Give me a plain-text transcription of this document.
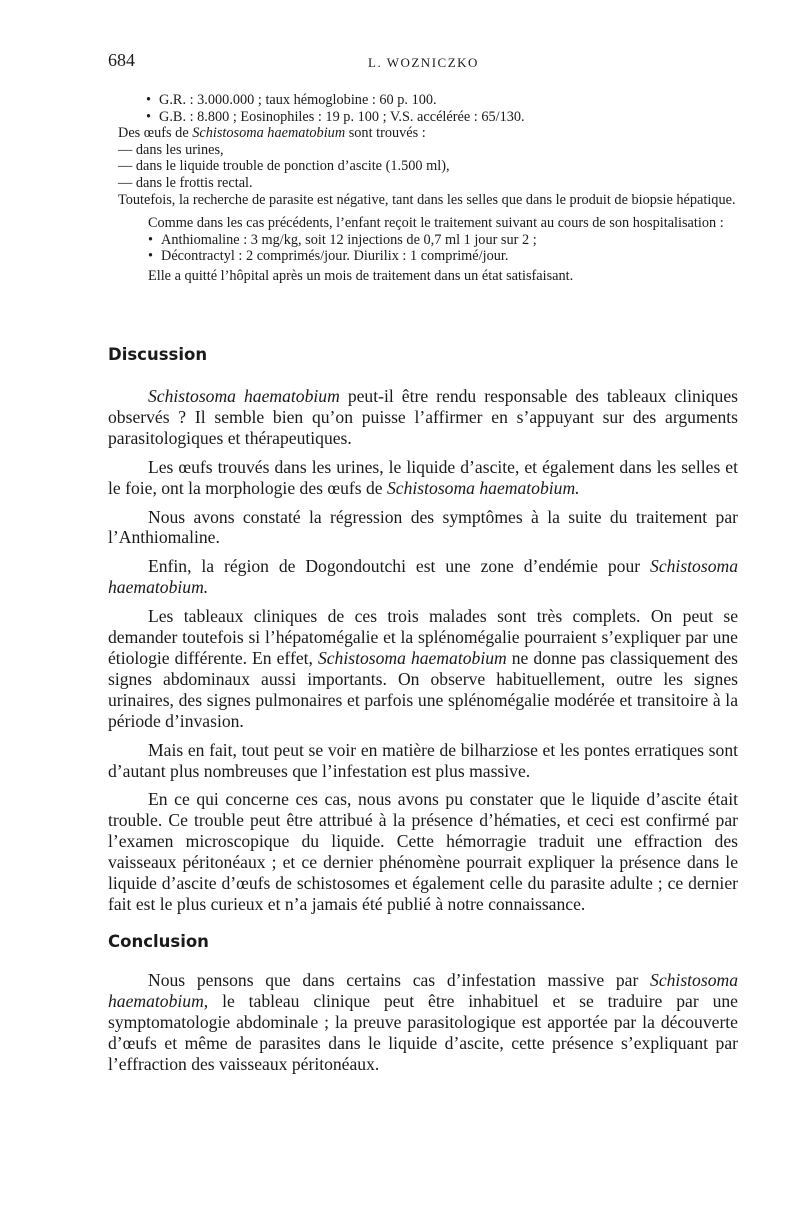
684	L. WOZNICZKO

• G.R. : 3.000.000 ; taux hémoglobine : 60 p. 100.

• G.B. : 8.800 ; Eosinophiles : 19 p. 100 ; V.S. accélérée : 65/130.

Des œufs de Schistosoma haematobium sont trouvés :

— dans les urines,

— dans le liquide trouble de ponction d’ascite (1.500 ml),

— dans le frottis rectal.

Toutefois, la recherche de parasite est négative, tant dans les selles que dans le produit de biopsie hépatique.

Comme dans les cas précédents, l’enfant reçoit le traitement suivant au cours de son hospitalisation :

• Anthiomaline : 3 mg/kg, soit 12 injections de 0,7 ml 1 jour sur 2 ;

• Décontractyl : 2 comprimés/jour. Diurilix : 1 comprimé/jour.

Elle a quitté l’hôpital après un mois de traitement dans un état satisfaisant.

Discussion

Schistosoma haematobium peut-il être rendu responsable des tableaux cliniques observés ? Il semble bien qu’on puisse l’affirmer en s’appuyant sur des arguments parasitologiques et thérapeutiques.

Les œufs trouvés dans les urines, le liquide d’ascite, et également dans les selles et le foie, ont la morphologie des œufs de Schistosoma haematobium.

Nous avons constaté la régression des symptômes à la suite du traitement par l’Anthiomaline.

Enfin, la région de Dogondoutchi est une zone d’endémie pour Schistosoma haematobium.

Les tableaux cliniques de ces trois malades sont très complets. On peut se demander toutefois si l’hépatomégalie et la splénomégalie pourraient s’expliquer par une étiologie différente. En effet, Schistosoma haematobium ne donne pas classiquement des signes abdominaux aussi importants. On observe habituellement, outre les signes urinaires, des signes pulmonaires et parfois une splénomégalie modérée et transitoire à la période d’invasion.

Mais en fait, tout peut se voir en matière de bilharziose et les pontes erratiques sont d’autant plus nombreuses que l’infestation est plus massive.

En ce qui concerne ces cas, nous avons pu constater que le liquide d’ascite était trouble. Ce trouble peut être attribué à la présence d’hématies, et ceci est confirmé par l’examen microscopique du liquide. Cette hémorragie traduit une effraction des vaisseaux péritonéaux ; et ce dernier phénomène pourrait expliquer la présence dans le liquide d’ascite d’œufs de schistosomes et également celle du parasite adulte ; ce dernier fait est le plus curieux et n’a jamais été publié à notre connaissance.

Conclusion

Nous pensons que dans certains cas d’infestation massive par Schistosoma haematobium, le tableau clinique peut être inhabituel et se traduire par une symptomatologie abdominale ; la preuve parasitologique est apportée par la découverte d’œufs et même de parasites dans le liquide d’ascite, cette présence s’expliquant par l’effraction des vaisseaux péritonéaux.
